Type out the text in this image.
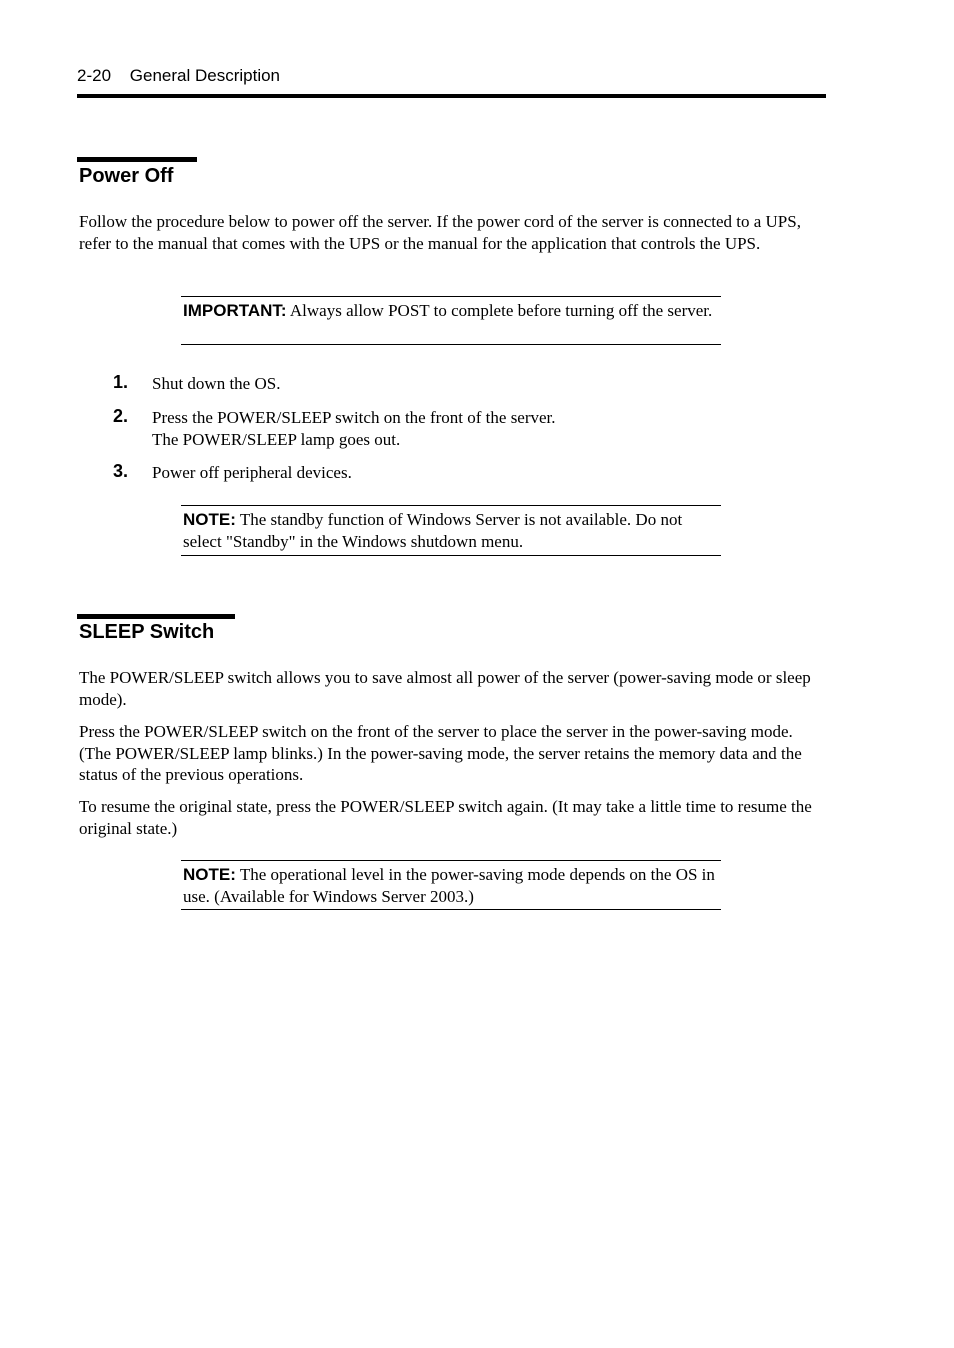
2-20 General Description
Power Off

Follow the procedure below to power off the server. If the power cord of the server is connected to a UPS, refer to the manual that comes with the UPS or the manual for the application that controls the UPS.

IMPORTANT: Always allow POST to complete before turning off the server.
1. Shut down the OS.
2. Press the POWER/SLEEP switch on the front of the server.
The POWER/SLEEP lamp goes out.
3. Power off peripheral devices.
NOTE: The standby function of Windows Server is not available. Do not select "Standby" in the Windows shutdown menu.
SLEEP Switch

The POWER/SLEEP switch allows you to save almost all power of the server (power-saving mode or sleep mode).

Press the POWER/SLEEP switch on the front of the server to place the server in the power-saving mode. (The POWER/SLEEP lamp blinks.) In the power-saving mode, the server retains the memory data and the status of the previous operations.

To resume the original state, press the POWER/SLEEP switch again. (It may take a little time to resume the original state.)

NOTE: The operational level in the power-saving mode depends on the OS in use. (Available for Windows Server 2003.)
